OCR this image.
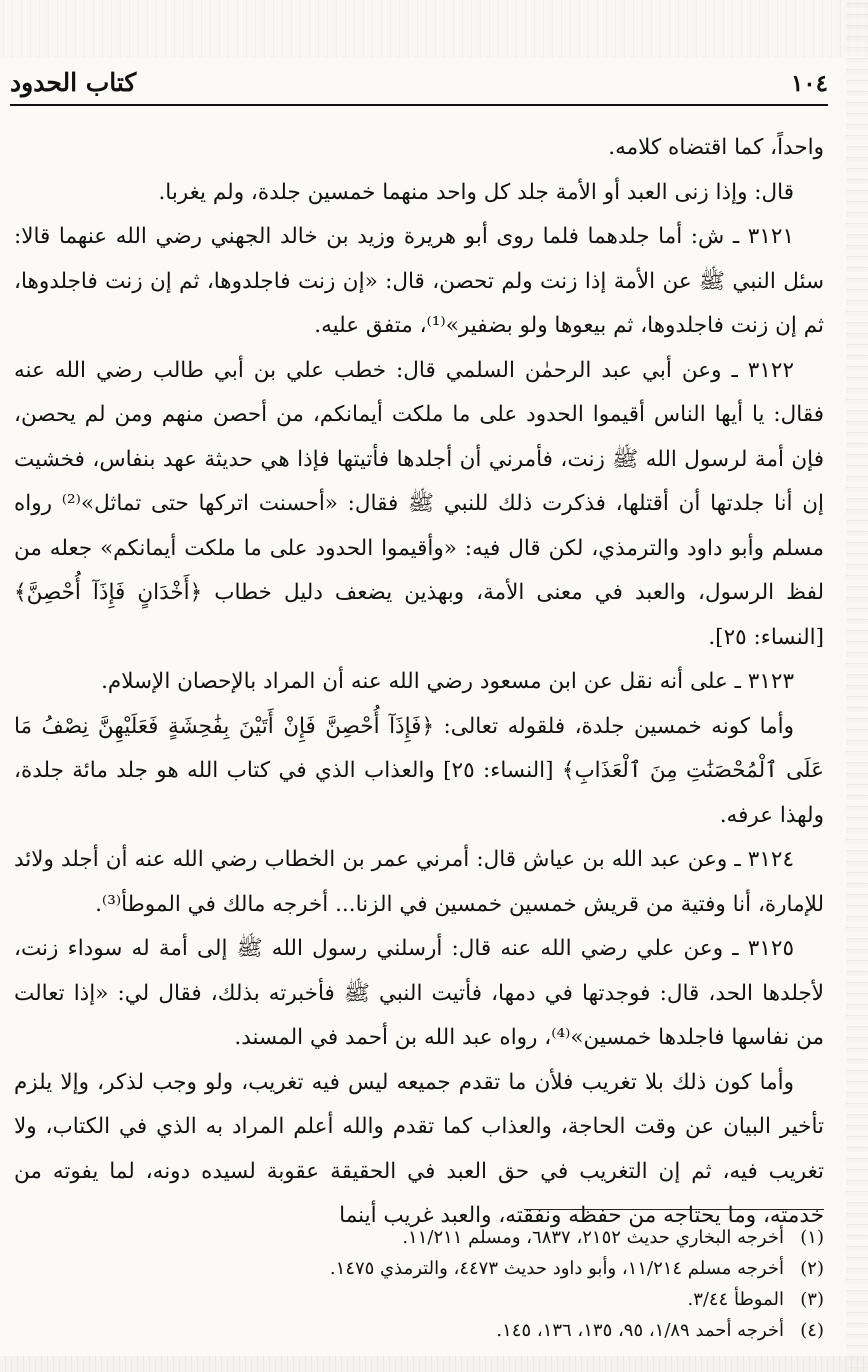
١٠٤
كتاب الحدود

واحداً، كما اقتضاه كلامه.

قال: وإذا زنى العبد أو الأمة جلد كل واحد منهما خمسين جلدة، ولم يغربا.

٣١٢١ ـ ش: أما جلدهما فلما روى أبو هريرة وزيد بن خالد الجهني رضي الله عنهما قالا: سئل النبي ﷺ عن الأمة إذا زنت ولم تحصن، قال: «إن زنت فاجلدوها، ثم إن زنت فاجلدوها، ثم إن زنت فاجلدوها، ثم بيعوها ولو بضفير»⁽¹⁾، متفق عليه.

٣١٢٢ ـ وعن أبي عبد الرحمٰن السلمي قال: خطب علي بن أبي طالب رضي الله عنه فقال: يا أيها الناس أقيموا الحدود على ما ملكت أيمانكم، من أحصن منهم ومن لم يحصن، فإن أمة لرسول الله ﷺ زنت، فأمرني أن أجلدها فأتيتها فإذا هي حديثة عهد بنفاس، فخشيت إن أنا جلدتها أن أقتلها، فذكرت ذلك للنبي ﷺ فقال: «أحسنت اتركها حتى تماثل»⁽²⁾ رواه مسلم وأبو داود والترمذي، لكن قال فيه: «وأقيموا الحدود على ما ملكت أيمانكم» جعله من لفظ الرسول، والعبد في معنى الأمة، وبهذين يضعف دليل خطاب ﴿أَخْدَانٍ فَإِذَآ أُحْصِنَّ﴾ [النساء: ٢٥].

٣١٢٣ ـ على أنه نقل عن ابن مسعود رضي الله عنه أن المراد بالإحصان الإسلام.

وأما كونه خمسين جلدة، فلقوله تعالى: ﴿فَإِذَآ أُحْصِنَّ فَإِنْ أَتَيْنَ بِفَٰحِشَةٍ فَعَلَيْهِنَّ نِصْفُ مَا عَلَى ٱلْمُحْصَنَٰتِ مِنَ ٱلْعَذَابِ﴾ [النساء: ٢٥] والعذاب الذي في كتاب الله هو جلد مائة جلدة، ولهذا عرفه.

٣١٢٤ ـ وعن عبد الله بن عياش قال: أمرني عمر بن الخطاب رضي الله عنه أن أجلد ولائد للإمارة، أنا وفتية من قريش خمسين خمسين في الزنا... أخرجه مالك في الموطأ⁽³⁾.

٣١٢٥ ـ وعن علي رضي الله عنه قال: أرسلني رسول الله ﷺ إلى أمة له سوداء زنت، لأجلدها الحد، قال: فوجدتها في دمها، فأتيت النبي ﷺ فأخبرته بذلك، فقال لي: «إذا تعالت من نفاسها فاجلدها خمسين»⁽⁴⁾، رواه عبد الله بن أحمد في المسند.

وأما كون ذلك بلا تغريب فلأن ما تقدم جميعه ليس فيه تغريب، ولو وجب لذكر، وإلا يلزم تأخير البيان عن وقت الحاجة، والعذاب كما تقدم والله أعلم المراد به الذي في الكتاب، ولا تغريب فيه، ثم إن التغريب في حق العبد في الحقيقة عقوبة لسيده دونه، لما يفوته من خدمته، وما يحتاجه من حفظه ونفقته، والعبد غريب أينما

(١)
أخرجه البخاري حديث ٢١٥٢، ٦٨٣٧، ومسلم ١١/٢١١.
(٢)
أخرجه مسلم ١١/٢١٤، وأبو داود حديث ٤٤٧٣، والترمذي ١٤٧٥.
(٣)
الموطأ ٣/٤٤.
(٤)
أخرجه أحمد ١/٨٩، ٩٥، ١٣٥، ١٣٦، ١٤٥.
